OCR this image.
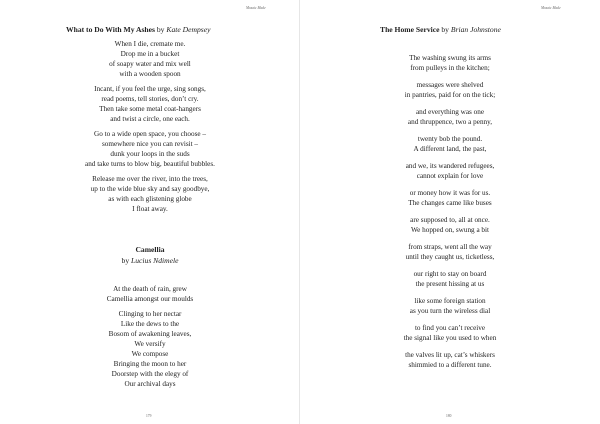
Mosaic Made
What to Do With My Ashes by Kate Dempsey
When I die, cremate me.
Drop me in a bucket
of soapy water and mix well
with a wooden spoon
Incant, if you feel the urge, sing songs,
read poems, tell stories, don’t cry.
Then take some metal coat-hangers
and twist a circle, one each.
Go to a wide open space, you choose –
somewhere nice you can revisit –
dunk your loops in the suds
and take turns to blow big, beautiful bubbles.
Release me over the river, into the trees,
up to the wide blue sky and say goodbye,
as with each glistening globe
I float away.
Camellia
by Lucius Ndimele
At the death of rain, grew
Camellia amongst our moulds
Clinging to her nectar
Like the dews to the
Bosom of awakening leaves,
We versify
We compose
Bringing the moon to her
Doorstep with the elegy of
Our archival days
179
Mosaic Made
The Home Service by Brian Johnstone
The washing swung its arms
from pulleys in the kitchen;
messages were shelved
in pantries, paid for on the tick;
and everything was one
and thruppence, two a penny,
twenty bob the pound.
A different land, the past,
and we, its wandered refugees,
cannot explain for love
or money how it was for us.
The changes came like buses
are supposed to, all at once.
We hopped on, swung a bit
from straps, went all the way
until they caught us, ticketless,
our right to stay on board
the present hissing at us
like some foreign station
as you turn the wireless dial
to find you can’t receive
the signal like you used to when
the valves lit up, cat’s whiskers
shimmied to a different tune.
180
